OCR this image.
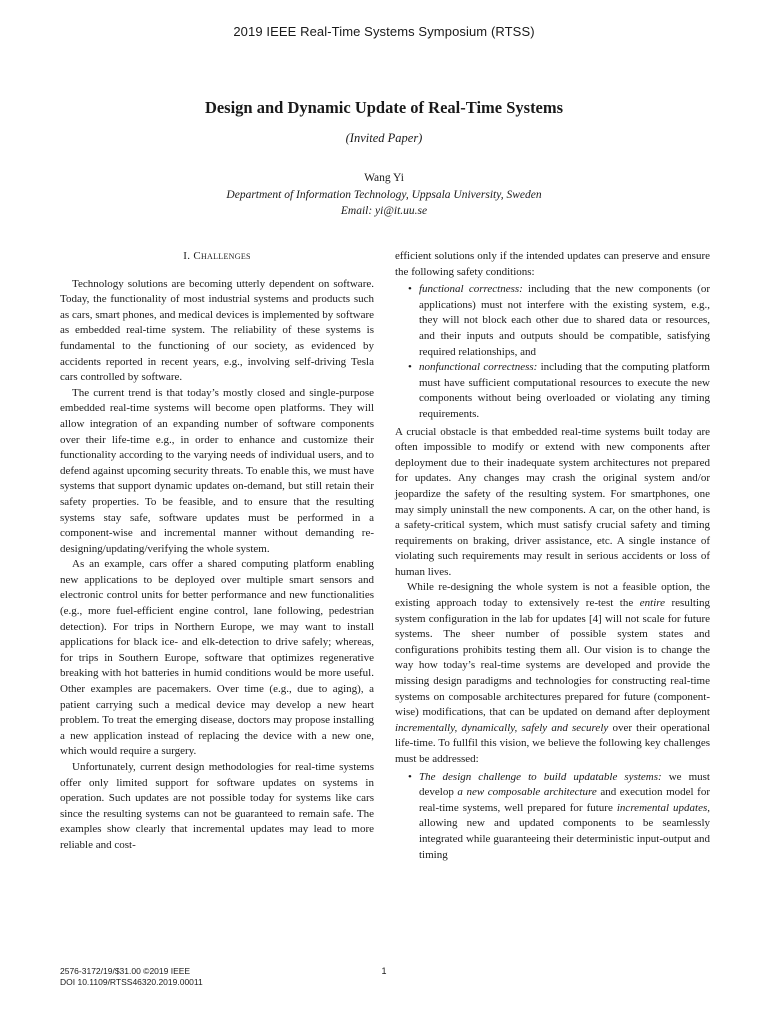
2019 IEEE Real-Time Systems Symposium (RTSS)
Design and Dynamic Update of Real-Time Systems
(Invited Paper)
Wang Yi
Department of Information Technology, Uppsala University, Sweden
Email: yi@it.uu.se
I. Challenges

Technology solutions are becoming utterly dependent on software. Today, the functionality of most industrial systems and products such as cars, smart phones, and medical devices is implemented by software as embedded real-time system. The reliability of these systems is fundamental to the functioning of our society, as evidenced by accidents reported in recent years, e.g., involving self-driving Tesla cars controlled by software.

The current trend is that today’s mostly closed and single-purpose embedded real-time systems will become open platforms. They will allow integration of an expanding number of software components over their life-time e.g., in order to enhance and customize their functionality according to the varying needs of individual users, and to defend against upcoming security threats. To enable this, we must have systems that support dynamic updates on-demand, but still retain their safety properties. To be feasible, and to ensure that the resulting systems stay safe, software updates must be performed in a component-wise and incremental manner without demanding re-designing/updating/verifying the whole system.

As an example, cars offer a shared computing platform enabling new applications to be deployed over multiple smart sensors and electronic control units for better performance and new functionalities (e.g., more fuel-efficient engine control, lane following, pedestrian detection). For trips in Northern Europe, we may want to install applications for black ice- and elk-detection to drive safely; whereas, for trips in Southern Europe, software that optimizes regenerative breaking with hot batteries in humid conditions would be more useful. Other examples are pacemakers. Over time (e.g., due to aging), a patient carrying such a medical device may develop a new heart problem. To treat the emerging disease, doctors may propose installing a new application instead of replacing the device with a new one, which would require a surgery.

Unfortunately, current design methodologies for real-time systems offer only limited support for software updates on systems in operation. Such updates are not possible today for systems like cars since the resulting systems can not be guaranteed to remain safe. The examples show clearly that incremental updates may lead to more reliable and cost-

efficient solutions only if the intended updates can preserve and ensure the following safety conditions:

• functional correctness: including that the new components (or applications) must not interfere with the existing system, e.g., they will not block each other due to shared data or resources, and their inputs and outputs should be compatible, satisfying required relationships, and
• nonfunctional correctness: including that the computing platform must have sufficient computational resources to execute the new components without being overloaded or violating any timing requirements.

A crucial obstacle is that embedded real-time systems built today are often impossible to modify or extend with new components after deployment due to their inadequate system architectures not prepared for updates. Any changes may crash the original system and/or jeopardize the safety of the resulting system. For smartphones, one may simply uninstall the new components. A car, on the other hand, is a safety-critical system, which must satisfy crucial safety and timing requirements on braking, driver assistance, etc. A single instance of violating such requirements may result in serious accidents or loss of human lives.

While re-designing the whole system is not a feasible option, the existing approach today to extensively re-test the entire resulting system configuration in the lab for updates [4] will not scale for future systems. The sheer number of possible system states and configurations prohibits testing them all. Our vision is to change the way how today’s real-time systems are developed and provide the missing design paradigms and technologies for constructing real-time systems on composable architectures prepared for future (component-wise) modifications, that can be updated on demand after deployment incrementally, dynamically, safely and securely over their operational life-time. To fullfil this vision, we believe the following key challenges must be addressed:

• The design challenge to build updatable systems: we must develop a new composable architecture and execution model for real-time systems, well prepared for future incremental updates, allowing new and updated components to be seamlessly integrated while guaranteeing their deterministic input-output and timing
2576-3172/19/$31.00 ©2019 IEEE
DOI 10.1109/RTSS46320.2019.00011
1
